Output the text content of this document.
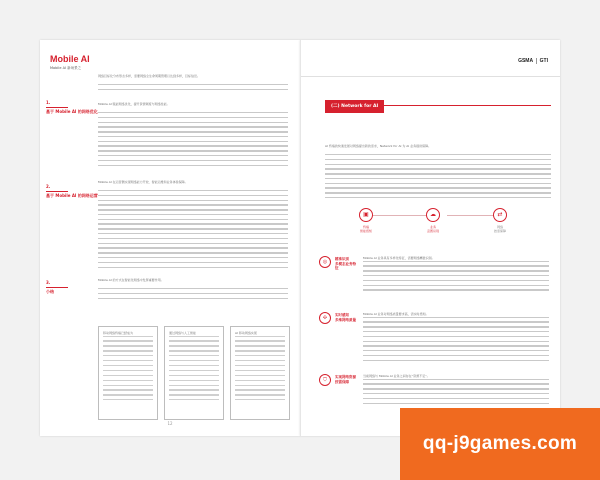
Mobile AI
Mobile AI 新场景之

网络目标化分布形态多样，需要网络全生命周期管理以达到多样，目标信息。

1.
基于 Mobile AI 的网络优化

Mobile AI 赋能网络优化，提升资源调度与网络性能。

2.
基于 Mobile AI 的网络运营

Mobile AI 在运营侧实现网络能力开放、智能运维和业务体验保障。

3.
小结

Mobile AI 的方式在智能化网络中发挥重要作用。

移动网络终端已经成为	通过网络与人工智能	AI 移动网络实现

12
GSMA GTI
(二) Network for AI

AI 终端的快速发展对网络提出新的需求，Network for AI 为 AI 业务提供保障。

▣
终端
智能感知
☁
业务
意图识别
⇄
网络
按需保障
◎	精准识别
多模态业务特征

Mobile AI 业务具有多样化特征，需要网络精准识别。

✣	实时感知
多维网络质量

Mobile AI 业务对网络质量要求高，需实时感知。

⛉	实现网络资源
按需保障

当前网络与 Mobile AI 业务之间存在“资源不足”。

qq-j9games.com
